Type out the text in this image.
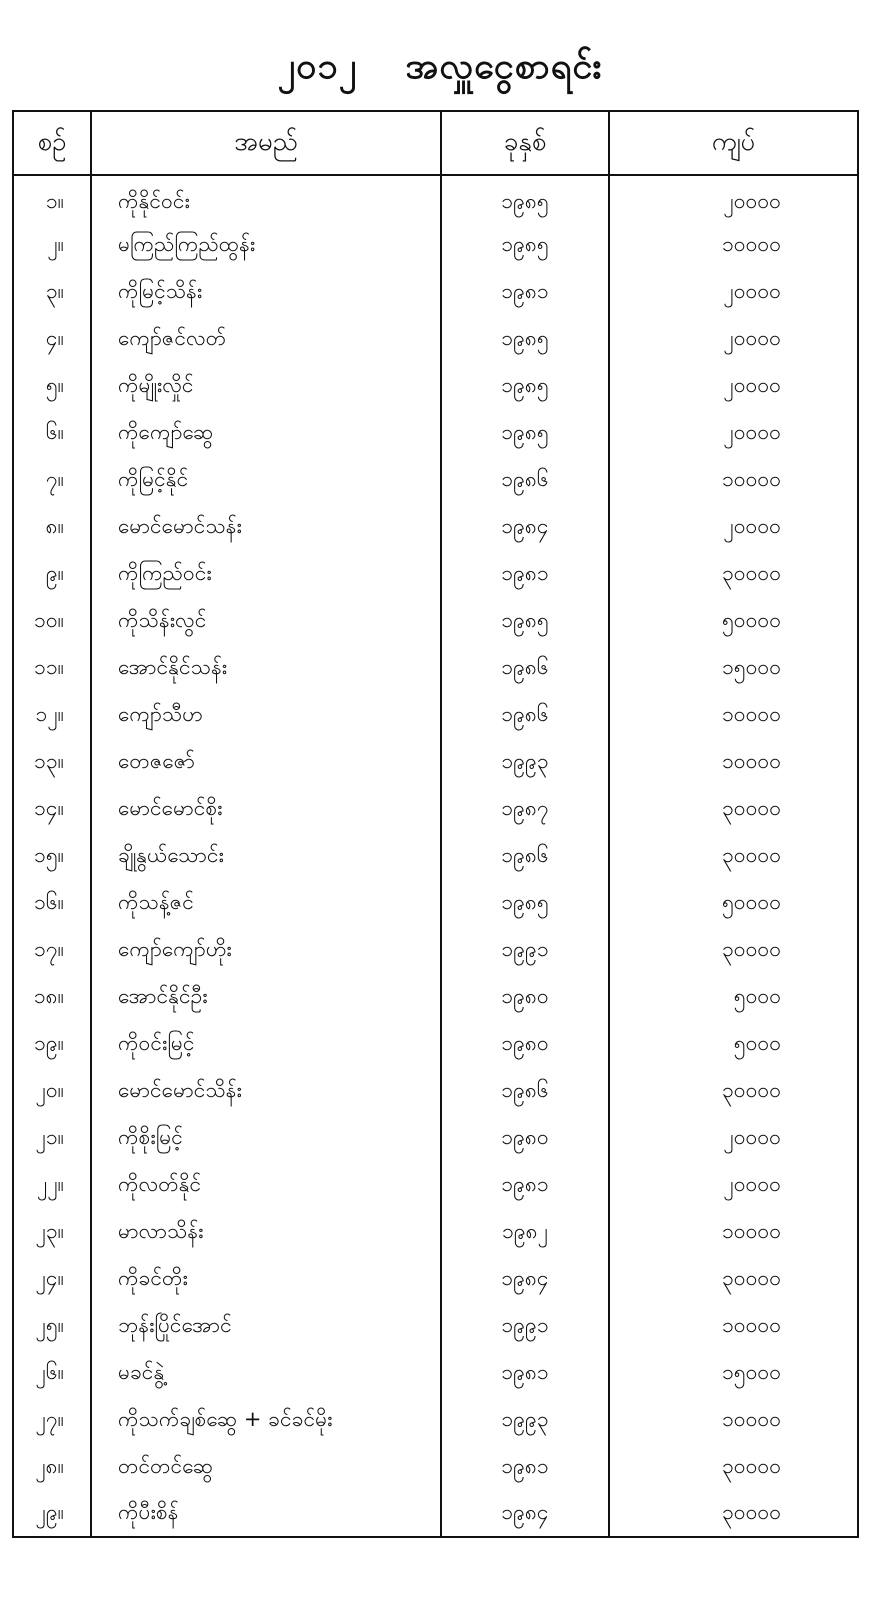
၂၀၁၂ အလှူငွေစာရင်း
စဉ်	အမည်	ခုနှစ်	ကျပ်
၁။	ကိုနိုင်ဝင်း	၁၉၈၅	၂၀၀၀၀
၂။	မကြည်ကြည်ထွန်း	၁၉၈၅	၁၀၀၀၀
၃။	ကိုမြင့်သိန်း	၁၉၈၁	၂၀၀၀၀
၄။	ကျော်ဇင်လတ်	၁၉၈၅	၂၀၀၀၀
၅။	ကိုမျိုးလှိုင်	၁၉၈၅	၂၀၀၀၀
၆။	ကိုကျော်ဆွေ	၁၉၈၅	၂၀၀၀၀
၇။	ကိုမြင့်နိုင်	၁၉၈၆	၁၀၀၀၀
၈။	မောင်မောင်သန်း	၁၉၈၄	၂၀၀၀၀
၉။	ကိုကြည်ဝင်း	၁၉၈၁	၃၀၀၀၀
၁၀။	ကိုသိန်းလွင်	၁၉၈၅	၅၀၀၀၀
၁၁။	အောင်နိုင်သန်း	၁၉၈၆	၁၅၀၀၀
၁၂။	ကျော်သီဟ	၁၉၈၆	၁၀၀၀၀
၁၃။	တေဇဇော်	၁၉၉၃	၁၀၀၀၀
၁၄။	မောင်မောင်စိုး	၁၉၈၇	၃၀၀၀၀
၁၅။	ချိုနွယ်သောင်း	၁၉၈၆	၃၀၀၀၀
၁၆။	ကိုသန့်ဇင်	၁၉၈၅	၅၀၀၀၀
၁၇။	ကျော်ကျော်ဟိုး	၁၉၉၁	၃၀၀၀၀
၁၈။	အောင်နိုင်ဦး	၁၉၈၀	၅၀၀၀
၁၉။	ကိုဝင်းမြင့်	၁၉၈၀	၅၀၀၀
၂၀။	မောင်မောင်သိန်း	၁၉၈၆	၃၀၀၀၀
၂၁။	ကိုစိုးမြင့်	၁၉၈၀	၂၀၀၀၀
၂၂။	ကိုလတ်နိုင်	၁၉၈၁	၂၀၀၀၀
၂၃။	မာလာသိန်း	၁၉၈၂	၁၀၀၀၀
၂၄။	ကိုခင်တိုး	၁၉၈၄	၃၀၀၀၀
၂၅။	ဘုန်းပြိုင်အောင်	၁၉၉၁	၁၀၀၀၀
၂၆။	မခင်နွဲ့	၁၉၈၁	၁၅၀၀၀
၂၇။	ကိုသက်ချစ်ဆွေ + ခင်ခင်မိုး	၁၉၉၃	၁၀၀၀၀
၂၈။	တင်တင်ဆွေ	၁၉၈၁	၃၀၀၀၀
၂၉။	ကိုပီးစိန်	၁၉၈၄	၃၀၀၀၀
